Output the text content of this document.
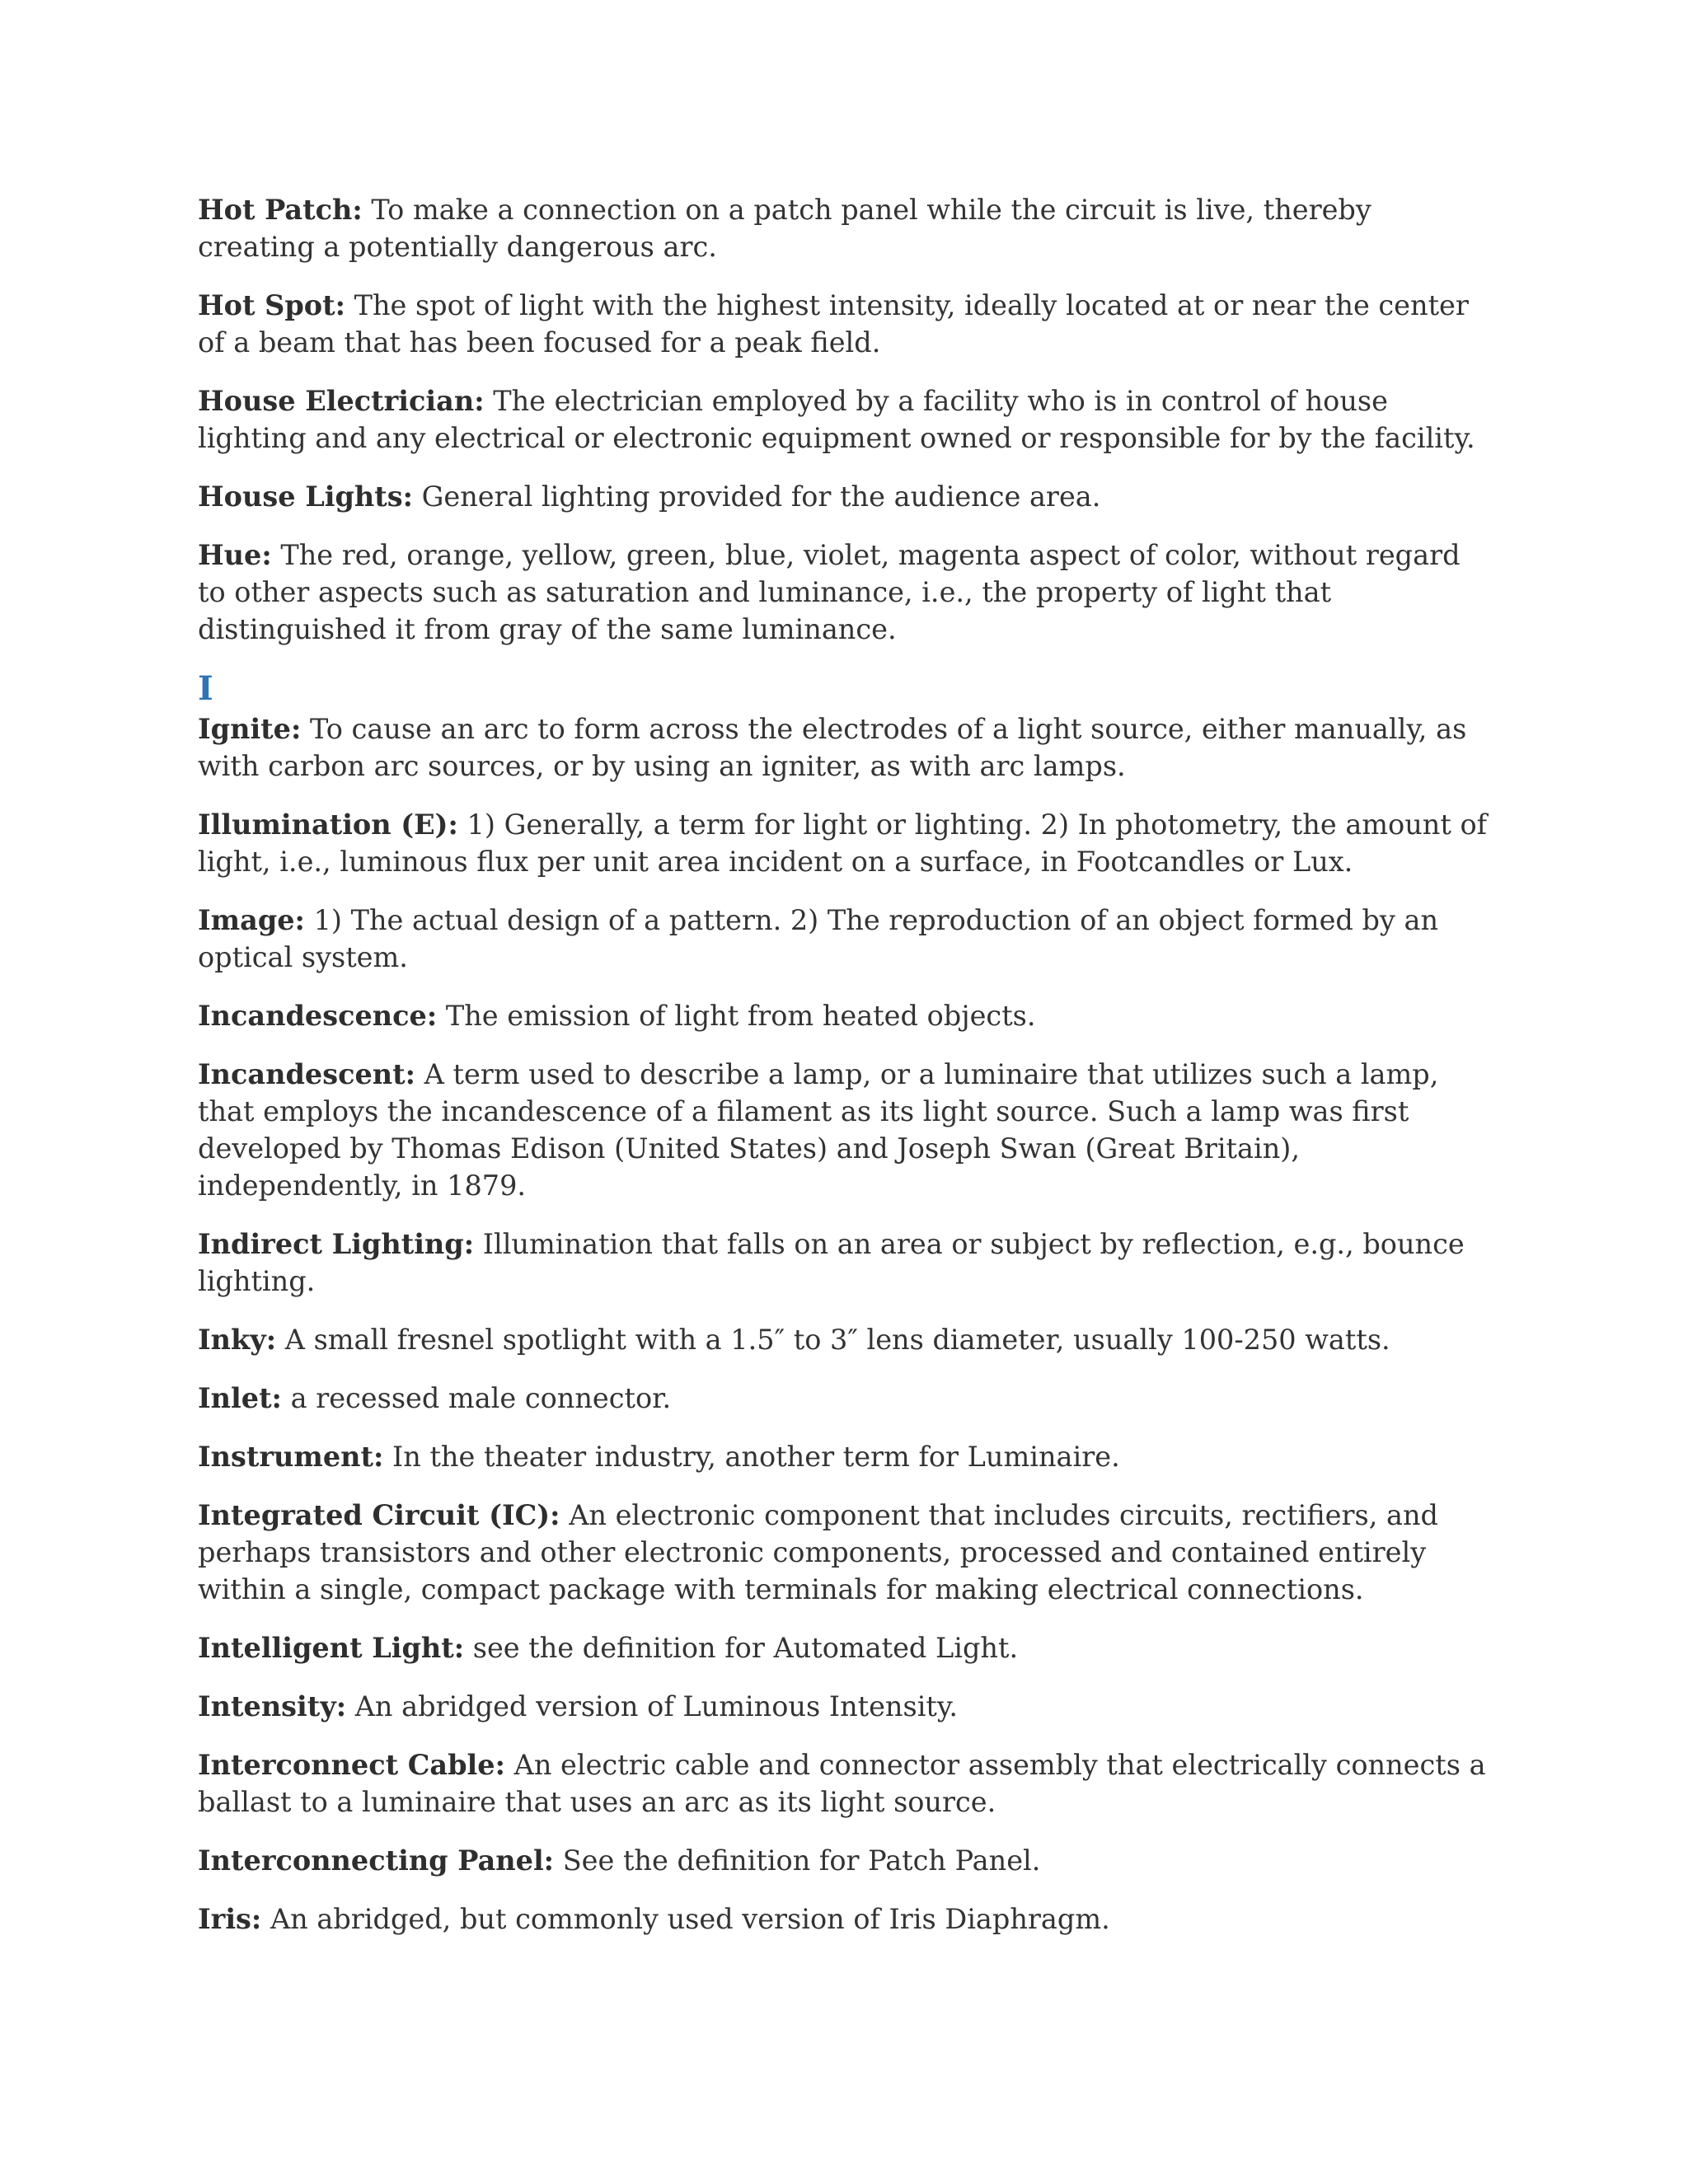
Hot Patch: To make a connection on a patch panel while the circuit is live, thereby creating a potentially dangerous arc.
Hot Spot: The spot of light with the highest intensity, ideally located at or near the center of a beam that has been focused for a peak field.
House Electrician: The electrician employed by a facility who is in control of house lighting and any electrical or electronic equipment owned or responsible for by the facility.
House Lights: General lighting provided for the audience area.
Hue: The red, orange, yellow, green, blue, violet, magenta aspect of color, without regard to other aspects such as saturation and luminance, i.e., the property of light that distinguished it from gray of the same luminance.
I
Ignite: To cause an arc to form across the electrodes of a light source, either manually, as with carbon arc sources, or by using an igniter, as with arc lamps.
Illumination (E): 1) Generally, a term for light or lighting. 2) In photometry, the amount of light, i.e., luminous flux per unit area incident on a surface, in Footcandles or Lux.
Image: 1) The actual design of a pattern. 2) The reproduction of an object formed by an optical system.
Incandescence: The emission of light from heated objects.
Incandescent: A term used to describe a lamp, or a luminaire that utilizes such a lamp, that employs the incandescence of a filament as its light source. Such a lamp was first developed by Thomas Edison (United States) and Joseph Swan (Great Britain), independently, in 1879.
Indirect Lighting: Illumination that falls on an area or subject by reflection, e.g., bounce lighting.
Inky: A small fresnel spotlight with a 1.5″ to 3″ lens diameter, usually 100-250 watts.
Inlet: a recessed male connector.
Instrument: In the theater industry, another term for Luminaire.
Integrated Circuit (IC): An electronic component that includes circuits, rectifiers, and perhaps transistors and other electronic components, processed and contained entirely within a single, compact package with terminals for making electrical connections.
Intelligent Light: see the definition for Automated Light.
Intensity: An abridged version of Luminous Intensity.
Interconnect Cable: An electric cable and connector assembly that electrically connects a ballast to a luminaire that uses an arc as its light source.
Interconnecting Panel: See the definition for Patch Panel.
Iris: An abridged, but commonly used version of Iris Diaphragm.
